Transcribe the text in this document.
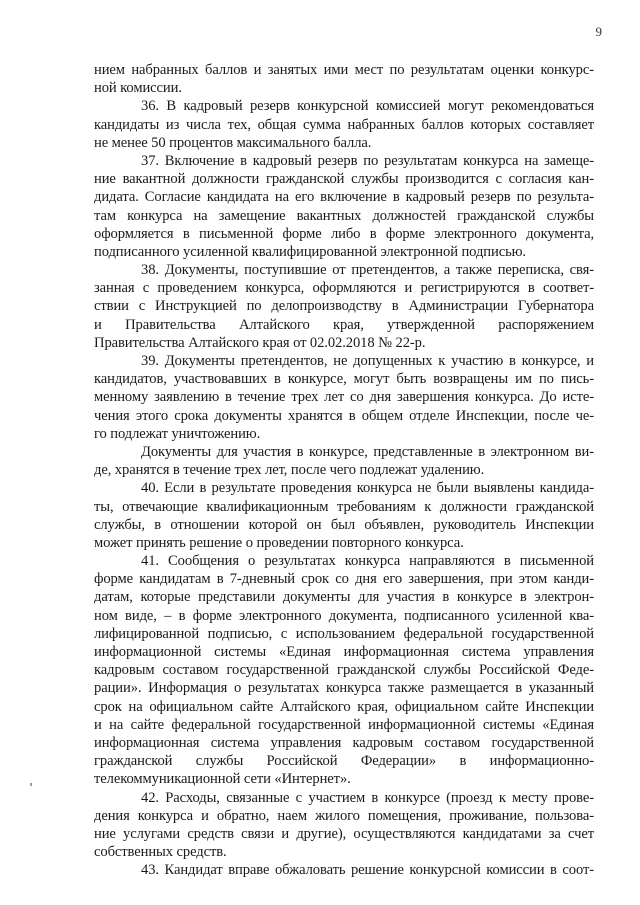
9
нием набранных баллов и занятых ими мест по результатам оценки конкурс-
ной комиссии.
36. В кадровый резерв конкурсной комиссией могут рекомендоваться
кандидаты из числа тех, общая сумма набранных баллов которых составляет
не менее 50 процентов максимального балла.
37. Включение в кадровый резерв по результатам конкурса на замеще-
ние вакантной должности гражданской службы производится с согласия кан-
дидата. Согласие кандидата на его включение в кадровый резерв по результа-
там конкурса на замещение вакантных должностей гражданской службы
оформляется в письменной форме либо в форме электронного документа,
подписанного усиленной квалифицированной электронной подписью.
38. Документы, поступившие от претендентов, а также переписка, свя-
занная с проведением конкурса, оформляются и регистрируются в соответ-
ствии с Инструкцией по делопроизводству в Администрации Губернатора
и Правительства Алтайского края, утвержденной распоряжением
Правительства Алтайского края от 02.02.2018 № 22-р.
39. Документы претендентов, не допущенных к участию в конкурсе, и
кандидатов, участвовавших в конкурсе, могут быть возвращены им по пись-
менному заявлению в течение трех лет со дня завершения конкурса. До исте-
чения этого срока документы хранятся в общем отделе Инспекции, после че-
го подлежат уничтожению.
Документы для участия в конкурсе, представленные в электронном ви-
де, хранятся в течение трех лет, после чего подлежат удалению.
40. Если в результате проведения конкурса не были выявлены кандида-
ты, отвечающие квалификационным требованиям к должности гражданской
службы, в отношении которой он был объявлен, руководитель Инспекции
может принять решение о проведении повторного конкурса.
41. Сообщения о результатах конкурса направляются в письменной
форме кандидатам в 7-дневный срок со дня его завершения, при этом канди-
датам, которые представили документы для участия в конкурсе в электрон-
ном виде, – в форме электронного документа, подписанного усиленной ква-
лифицированной подписью, с использованием федеральной государственной
информационной системы «Единая информационная система управления
кадровым составом государственной гражданской службы Российской Феде-
рации». Информация о результатах конкурса также размещается в указанный
срок на официальном сайте Алтайского края, официальном сайте Инспекции
и на сайте федеральной государственной информационной системы «Единая
информационная система управления кадровым составом государственной
гражданской службы Российской Федерации» в информационно-
телекоммуникационной сети «Интернет».
42. Расходы, связанные с участием в конкурсе (проезд к месту прове-
дения конкурса и обратно, наем жилого помещения, проживание, пользова-
ние услугами средств связи и другие), осуществляются кандидатами за счет
собственных средств.
43. Кандидат вправе обжаловать решение конкурсной комиссии в соот-
